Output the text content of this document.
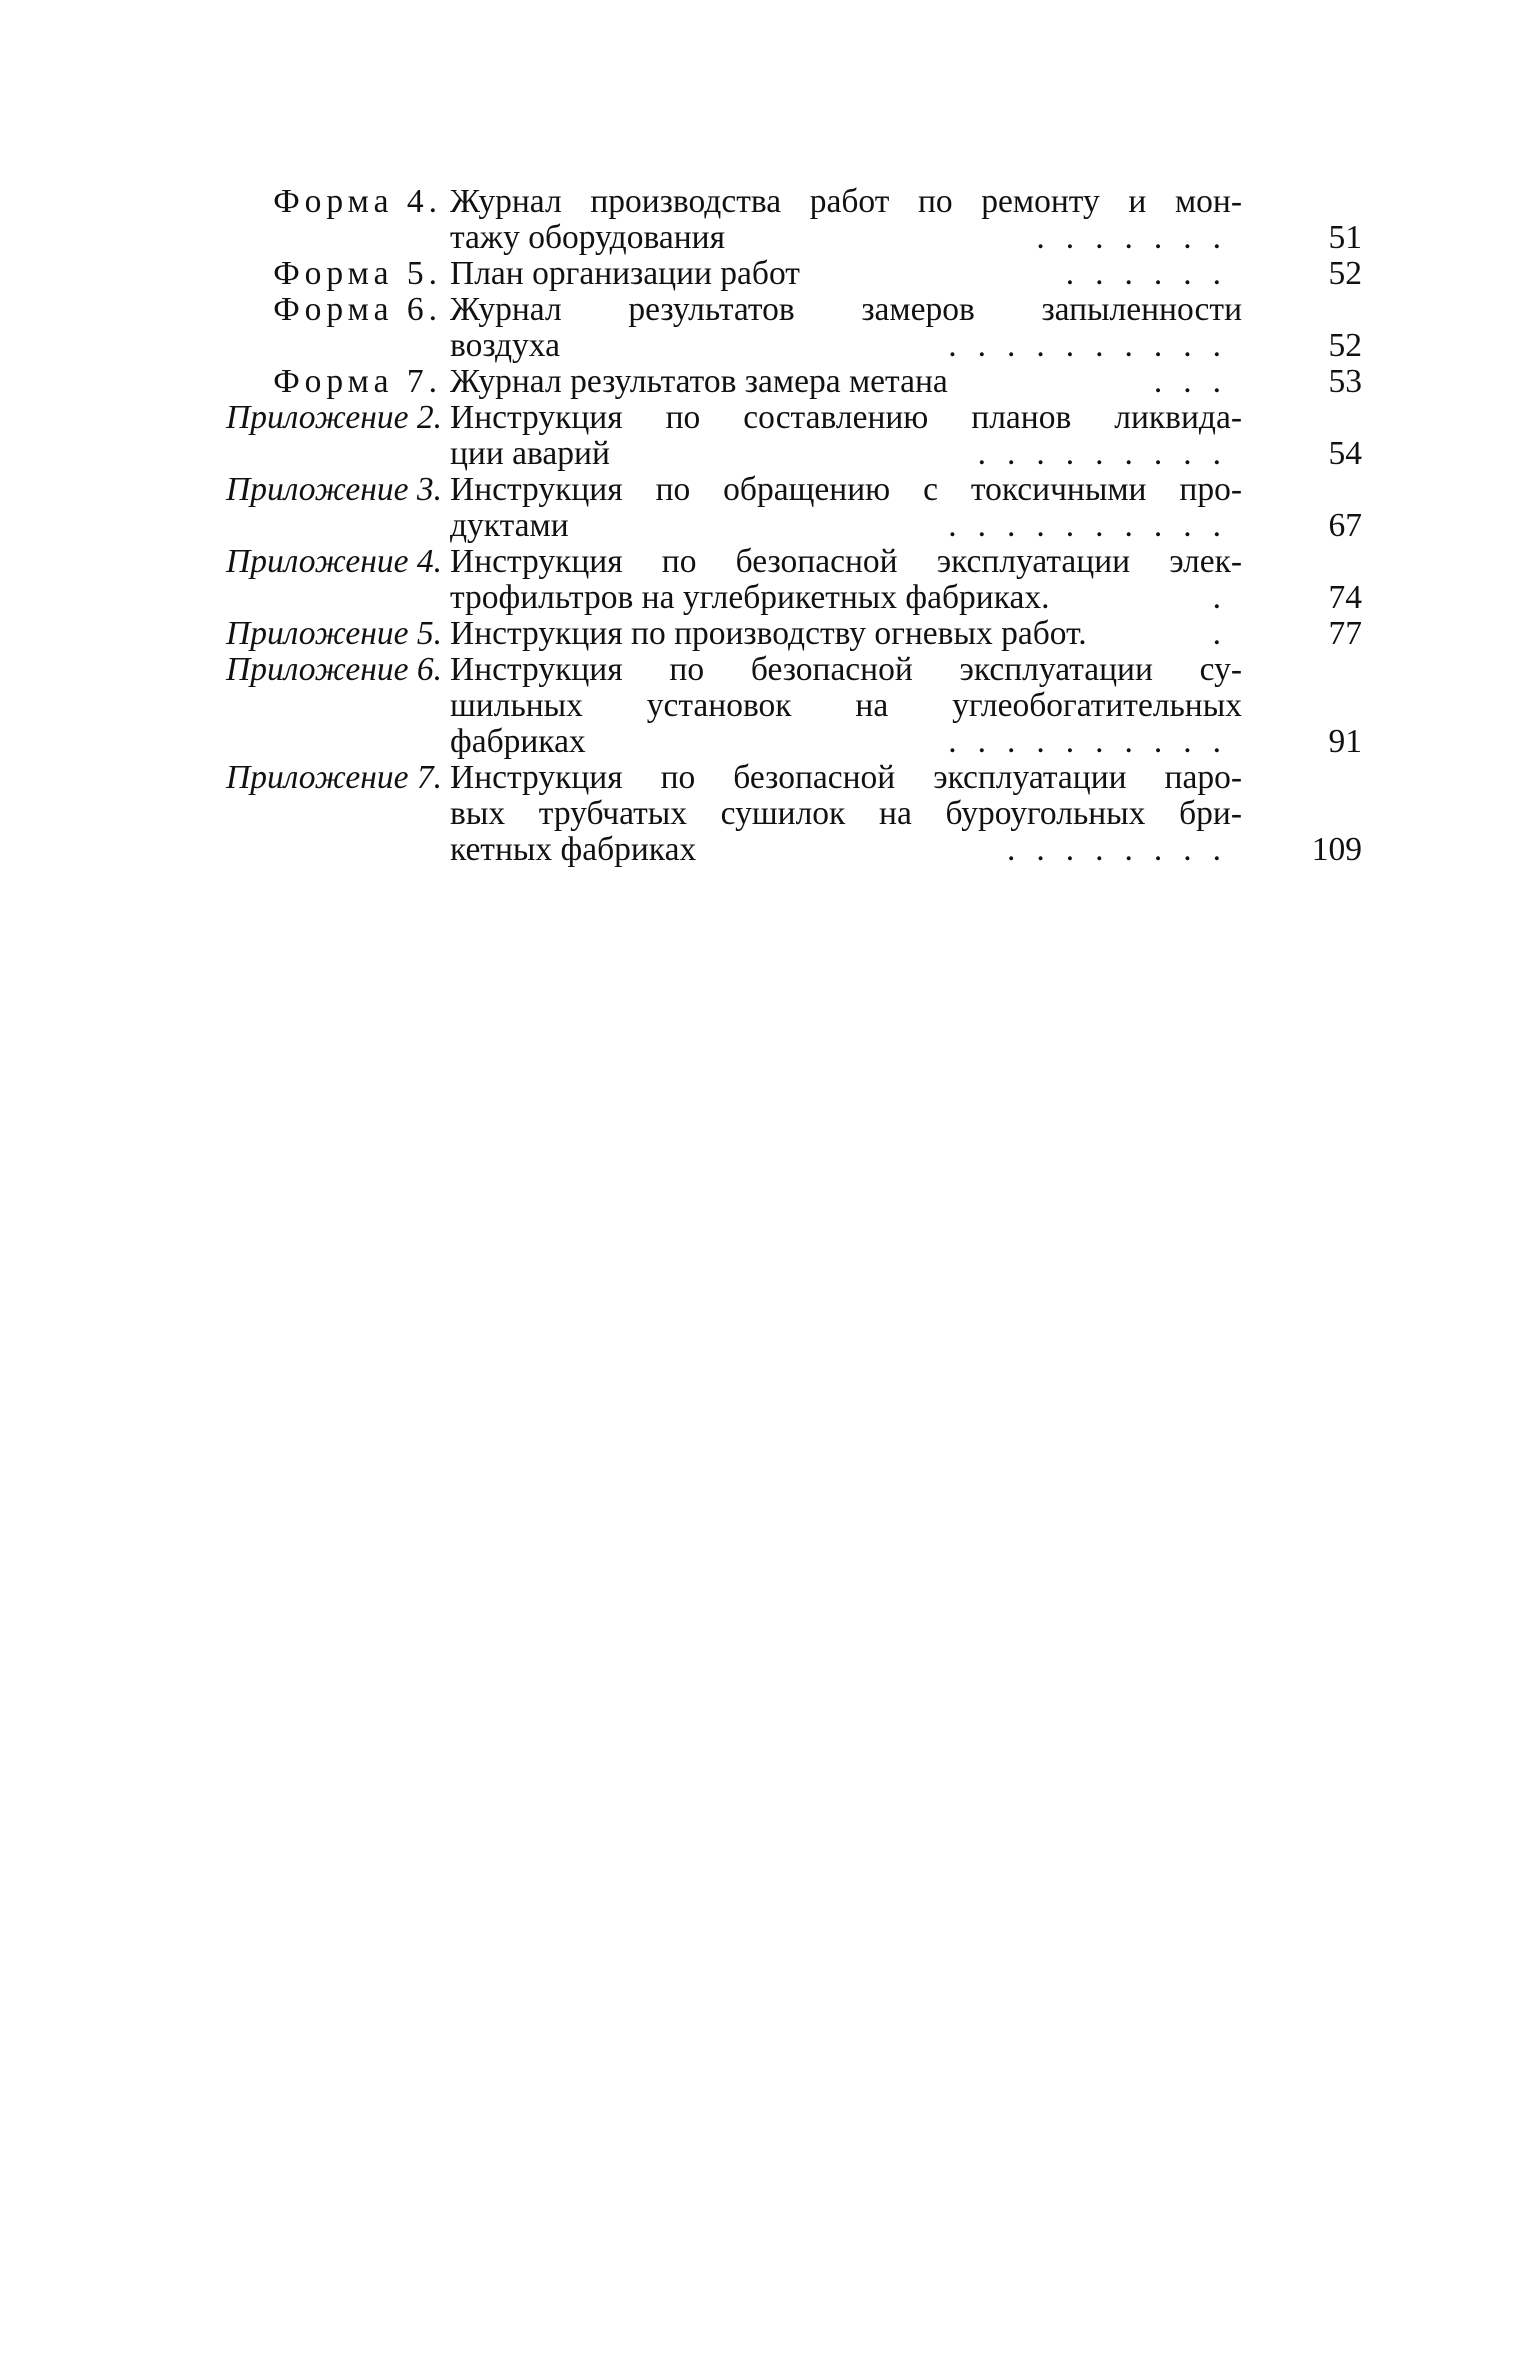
Форма 4. Журнал производства работ по ремонту и мон-
тажу оборудования	.......	51
Форма 5. План организации работ	......	52
Форма 6. Журнал результатов замеров запыленности
воздуха	..........	52
Форма 7. Журнал результатов замера метана	...	53
Приложение 2. Инструкция по составлению планов ликвида-
ции аварий	.........	54
Приложение 3. Инструкция по обращению с токсичными про-
дуктами	..........	67
Приложение 4. Инструкция по безопасной эксплуатации элек-
трофильтров на углебрикетных фабриках.	.	74
Приложение 5. Инструкция по производству огневых работ.	.	77
Приложение 6. Инструкция по безопасной эксплуатации су-
шильных установок на углеобогатительных
фабриках	..........	91
Приложение 7. Инструкция по безопасной эксплуатации паро-
вых трубчатых сушилок на буроугольных бри-
кетных фабриках	........ 109
